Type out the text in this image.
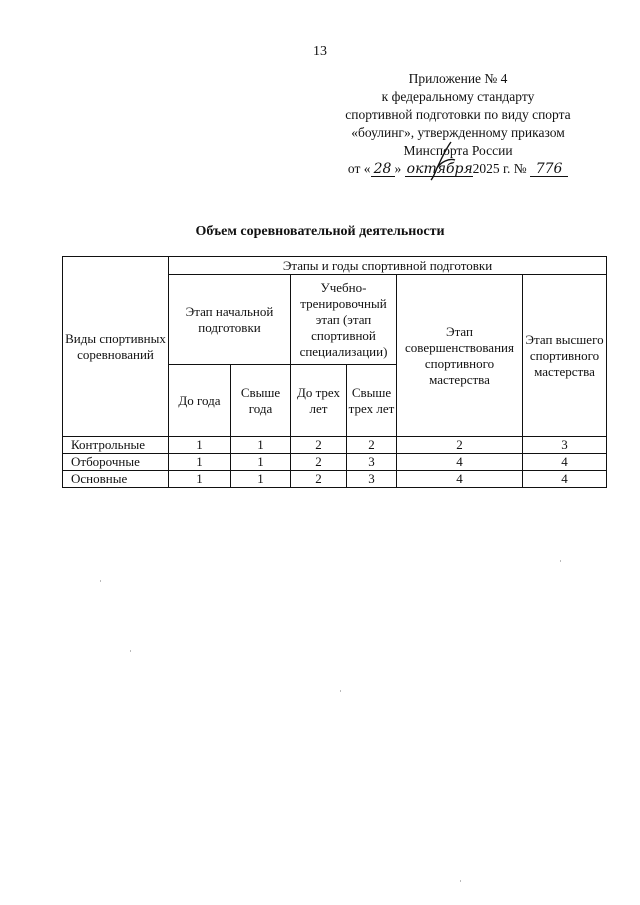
13
Приложение № 4
к федеральному стандарту
спортивной подготовки по виду спорта
«боулинг», утвержденному приказом
Минспорта России
от « 28 » октября2025 г. № 776
Объем соревновательной деятельности
Виды спортивных соревнований	Этапы и годы спортивной подготовки					
	Этап начальной подготовки		Учебно-тренировочный этап (этап спортивной специализации)		Этап совершенствования спортивного мастерства	Этап высшего спортивного мастерства
	До года	Свыше года	До трех лет	Свыше трех лет		
Контрольные	1	1	2	2	2	3
Отборочные	1	1	2	3	4	4
Основные	1	1	2	3	4	4
